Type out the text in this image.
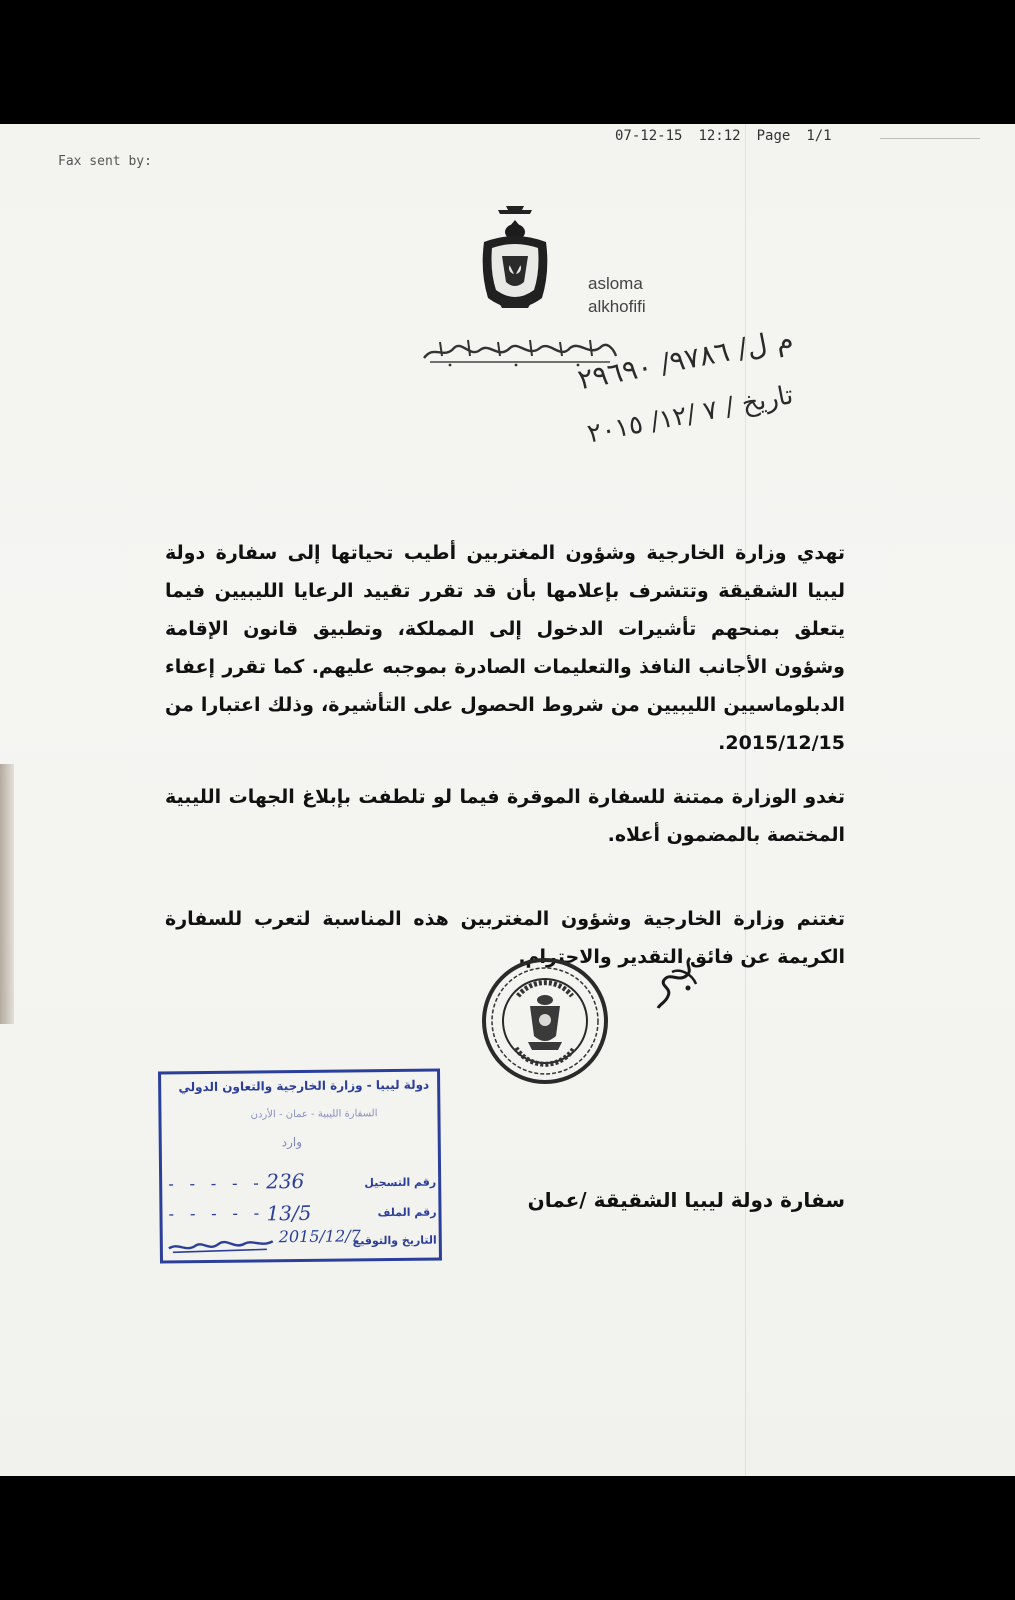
07-12-15 12:12 Page 1/1
Fax sent by:
asloma
alkhofifi
م ل/ ٩٧٨٦/ ٢٩٦٩٠
تاريخ / ٧ /١٢/ ٢٠١٥
تهدي وزارة الخارجية وشؤون المغتربين أطيب تحياتها إلى سفارة دولة ليبيا الشقيقة وتتشرف بإعلامها بأن قد تقرر تقييد الرعايا الليبيين فيما يتعلق بمنحهم تأشيرات الدخول إلى المملكة، وتطبيق قانون الإقامة وشؤون الأجانب النافذ والتعليمات الصادرة بموجبه عليهم. كما تقرر إعفاء الدبلوماسيين الليبيين من شروط الحصول على التأشيرة، وذلك اعتبارا من 2015/12/15.
تغدو الوزارة ممتنة للسفارة الموقرة فيما لو تلطفت بإبلاغ الجهات الليبية المختصة بالمضمون أعلاه.
تغتنم وزارة الخارجية وشؤون المغتربين هذه المناسبة لتعرب للسفارة الكريمة عن فائق التقدير والاحترام.
دولة ليبيا - وزارة الخارجية والتعاون الدولي
السفارة الليبية - عمان - الأردن
وارد
- - - - - 236	رقم التسجيل
- - - - - 13/5	رقم الملف
2015/12/7
التاريخ والتوقيع
سفارة دولة ليبيا الشقيقة /عمان
